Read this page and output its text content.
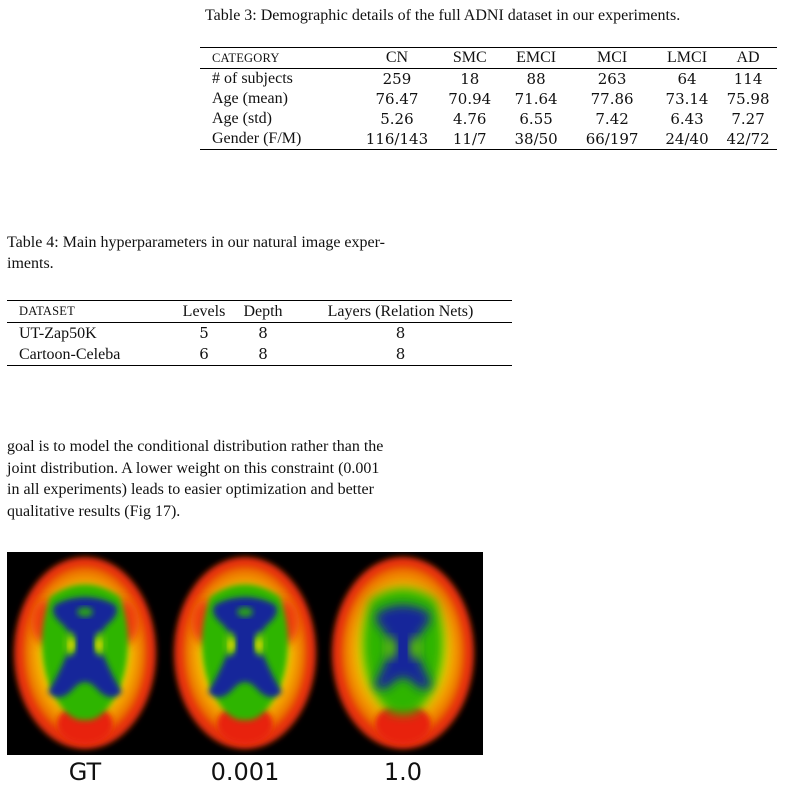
Table 3: Demographic details of the full ADNI dataset in our experiments.
CATEGORY	CN	SMC	EMCI	MCI	LMCI	AD
# of subjects	259	18	88	263	64	114
Age (mean)	76.47	70.94	71.64	77.86	73.14	75.98
Age (std)	5.26	4.76	6.55	7.42	6.43	7.27
Gender (F/M)	116/143	11/7	38/50	66/197	24/40	42/72
Table 4: Main hyperparameters in our natural image exper-
iments.
DATASET	Levels	Depth	Layers (Relation Nets)
UT-Zap50K	5	8	8
Cartoon-Celeba	6	8	8
goal is to model the conditional distribution rather than the
joint distribution. A lower weight on this constraint (0.001
in all experiments) leads to easier optimization and better
qualitative results (Fig 17).
GT	0.001	1.0
